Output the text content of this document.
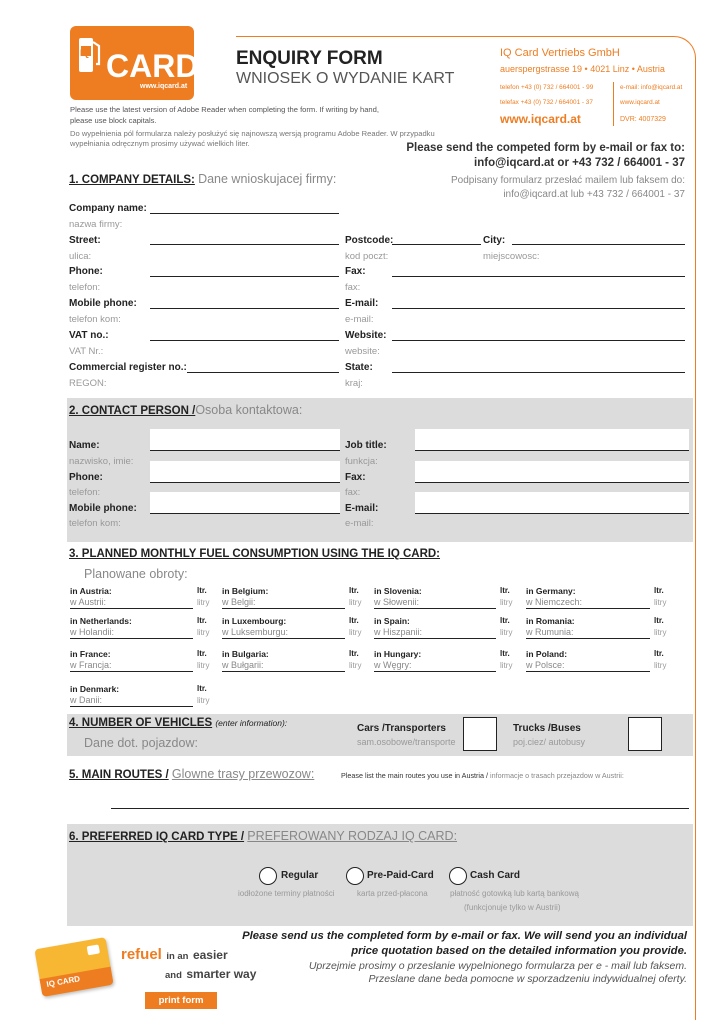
IQ CARD
www.iqcard.at
ENQUIRY FORM
WNIOSEK O WYDANIE KART
Please use the latest version of Adobe Reader when completing the form. If writing by hand,
please use block capitals.
Do wypełnienia pól formularza należy posłużyć się najnowszą wersją programu Adobe Reader. W przypadku
wypełniania odręcznym prosimy używać wielkich liter.
IQ Card Vertriebs GmbH
auerspergstrasse 19 • 4021 Linz • Austria
telefon +43 (0) 732 / 664001 - 99
telefax +43 (0) 732 / 664001 - 37
e-mail: info@iqcard.at
www.iqcard.at
www.iqcard.at	DVR: 4007329
Please send the competed form by e-mail or fax to:
info@iqcard.at or +43 732 / 664001 - 37
Podpisany formularz przesłać mailem lub faksem do:
info@iqcard.at lub +43 732 / 664001 - 37
1. COMPANY DETAILS: Dane wnioskujacej firmy:
Company name:
nazwa firmy:
Street:
ulica:
Postcode:
kod poczt:
City:
miejscowosc:
Phone:
telefon:
Fax:
fax:
Mobile phone:
telefon kom:
E-mail:
e-mail:
VAT no.:
VAT Nr.:
Website:
website:
Commercial register no.:
REGON:
State:
kraj:
2. CONTACT PERSON /Osoba kontaktowa:
Name:
nazwisko, imie:
Job title:
funkcja:
Phone:
telefon:
Fax:
fax:
Mobile phone:
telefon kom:
E-mail:
e-mail:
3. PLANNED MONTHLY FUEL CONSUMPTION USING THE IQ CARD:
Planowane obroty:
in Austria:
w Austrii:
ltr.
litry
in Belgium:
w Belgii:
ltr.
litry
in Slovenia:
w Słowenii:
ltr.
litry
in Germany:
w Niemczech:
ltr.
litry
in Netherlands:
w Holandii:
ltr.
litry
in Luxembourg:
w Luksemburgu:
ltr.
litry
in Spain:
w Hiszpanii:
ltr.
litry
in Romania:
w Rumunia:
ltr.
litry
in France:
w Francja:
ltr.
litry
in Bulgaria:
w Bułgarii:
ltr.
litry
in Hungary:
w Węgry:
ltr.
litry
in Poland:
w Polsce:
ltr.
litry
in Denmark:
w Danii:
ltr.
litry
4. NUMBER OF VEHICLES (enter information):
Dane dot. pojazdow:
Cars /Transporters
sam.osobowe/transporte
Trucks /Buses
poj.ciez/ autobusy
5. MAIN ROUTES / Glowne trasy przewozow:	Please list the main routes you use in Austria / informacje o trasach przejazdow w Austrii:
6. PREFERRED IQ CARD TYPE / PREFEROWANY RODZAJ IQ CARD:
Regular
iodłożone terminy płatności
Pre-Paid-Card
karta przed-płacona
Cash Card
płatność gotowką lub kartą bankową
(funkcjonuje tylko w Austrii)
Please send us the completed form by e-mail or fax. We will send you an individual
price quotation based on the detailed information you provide.
Uprzejmie prosimy o przeslanie wypelnionego formularza per e - mail lub faksem.
Przeslane dane beda pomocne w sporzadzeniu indywidualnej oferty.
IQ CARD
refuel in an easier
and smarter way
print form
